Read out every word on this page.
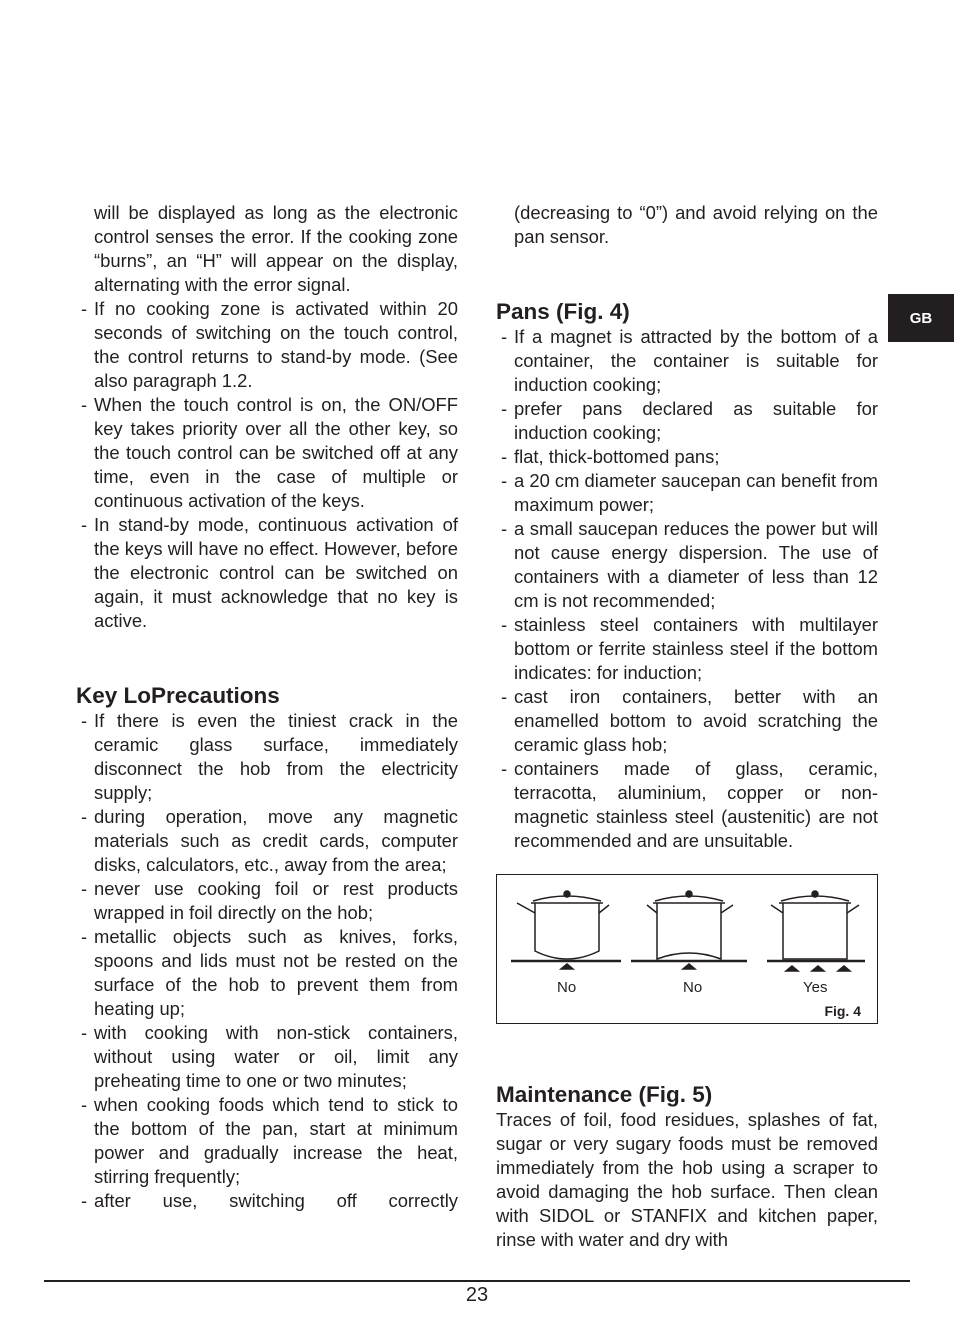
GB
will be displayed as long as the electronic control senses the error. If the cooking zone “burns”, an “H” will appear on the display, alternating with the error signal.
- If no cooking zone is activated within 20 seconds of switching on the touch control, the control returns to stand-by mode. (See also paragraph 1.2.
- When the touch control is on, the ON/OFF key takes priority over all the other key, so the touch control can be switched off at any time, even in the case of multiple or continuous activation of the keys.
- In stand-by mode, continuous activation of the keys will have no effect. However, before the electronic control can be switched on again, it must acknowledge that no key is active.
Key LoPrecautions
- If there is even the tiniest crack in the ceramic glass surface, immediately disconnect the hob from the electricity supply;
- during operation, move any magnetic materials such as credit cards, computer disks, calculators, etc., away from the area;
- never use cooking foil or rest products wrapped in foil directly on the hob;
- metallic objects such as knives, forks, spoons and lids must not be rested on the surface of the hob to prevent them from heating up;
- with cooking with non-stick containers, without using water or oil, limit any preheating time to one or two minutes;
- when cooking foods which tend to stick to the bottom of the pan, start at minimum power and gradually increase the heat, stirring frequently;
- after use, switching off correctly
(decreasing to “0”) and avoid relying on the pan sensor.
Pans (Fig. 4)
- If a magnet is attracted by the bottom of a container, the container is suitable for induction cooking;
- prefer pans declared as suitable for induction cooking;
- flat, thick-bottomed pans;
- a 20 cm diameter saucepan can benefit from maximum power;
- a small saucepan reduces the power but will not cause energy dispersion. The use of containers with a diameter of less than 12 cm is not recommended;
- stainless steel containers with multilayer bottom or ferrite stainless steel if the bottom indicates: for induction;
- cast iron containers, better with an enamelled bottom to avoid scratching the ceramic glass hob;
- containers made of glass, ceramic, terracotta, aluminium, copper or non-magnetic stainless steel (austenitic) are not recommended and are unsuitable.
No	No	Yes
Fig. 4
Maintenance (Fig. 5)
Traces of foil, food residues, splashes of fat, sugar or very sugary foods must be removed immediately from the hob using a scraper to avoid damaging the hob surface. Then clean with SIDOL or STANFIX and kitchen paper, rinse with water and dry with
23
